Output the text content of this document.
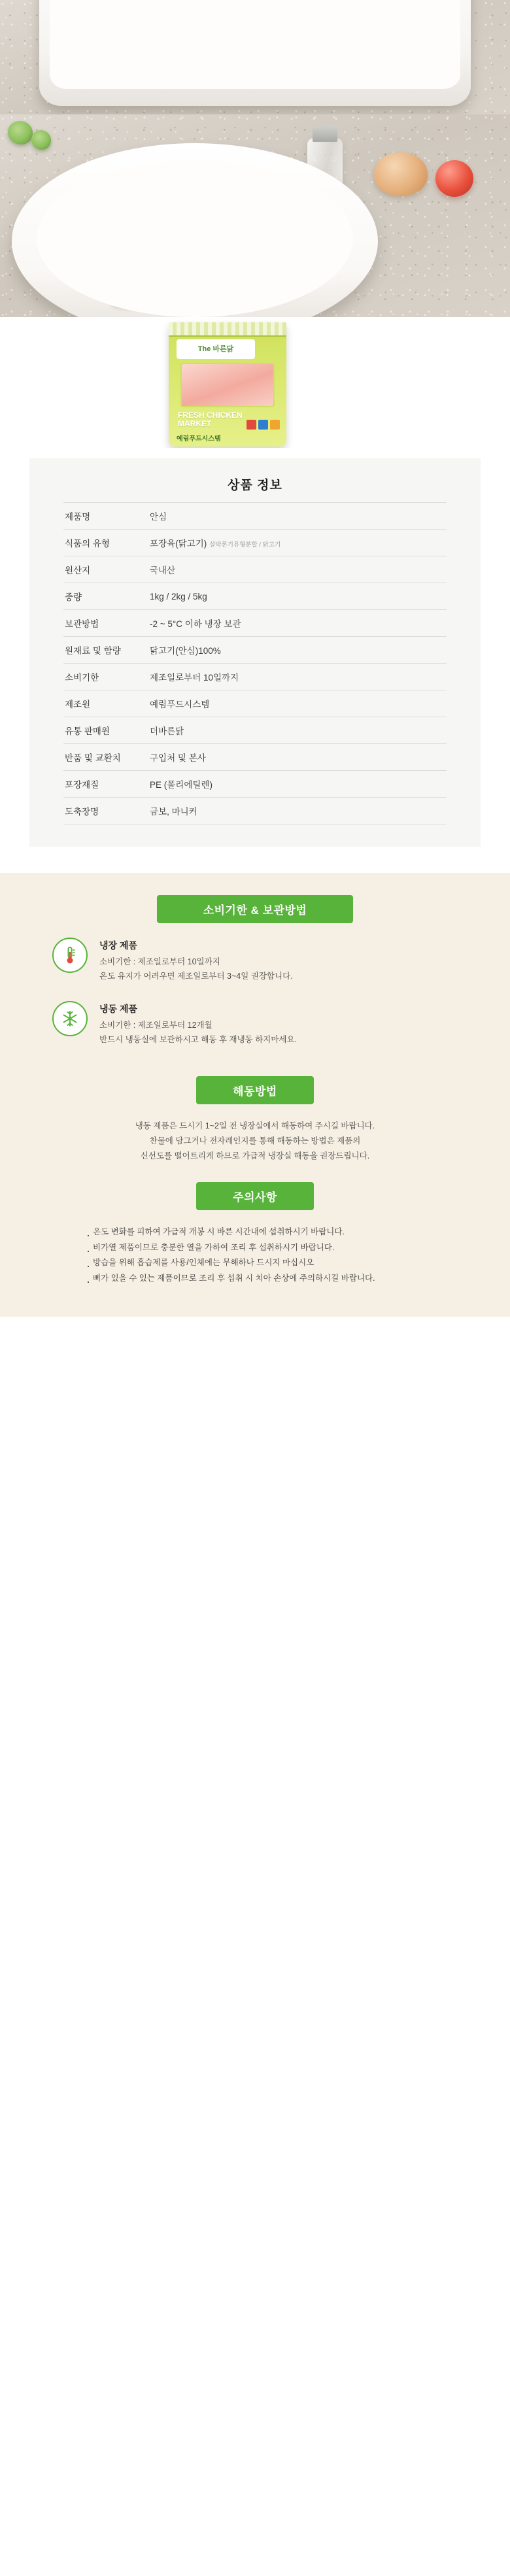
The 바른닭
FRESH CHICKEN MARKET
예림푸드시스템
상품 정보
제품명	안심
식품의 유형	포장육(닭고기) 살박론기유형분할 / 닭고기
원산지	국내산
중량	1kg / 2kg / 5kg
보관방법	-2 ~ 5°C 이하 냉장 보관
원재료 및 함량	닭고기(안심)100%
소비기한	제조일로부터 10일까지
제조원	예림푸드시스템
유통 판매원	더바른닭
반품 및 교환치	구입처 및 본사
포장재질	PE (폴리에틸렌)
도축장명	금보, 마니커
소비기한 & 보관방법
냉장 제품

소비기한 : 제조일로부터 10일까지

온도 유지가 어려우면 제조일로부터 3~4일 권장합니다.

냉동 제품

소비기한 : 제조일로부터 12개월

반드시 냉동실에 보관하시고 해동 후 재냉동 하지마세요.

해동방법
냉동 제품은 드시기 1~2일 전 냉장실에서 해동하여 주시길 바랍니다.
찬물에 담그거나 전자레인지를 통해 해동하는 방법은 제품의
신선도를 떨어트리게 하므로 가급적 냉장실 해동을 권장드립니다.
주의사항
· 온도 변화를 피하여 가급적 개봉 시 바른 시간내에 섭취하시기 바랍니다.
· 비가열 제품이므로 충분한 열을 가하여 조리 후 섭취하시기 바랍니다.
· 방습을 위해 흡습제를 사용/인체에는 무해하나 드시지 마십시오
· 뼈가 있을 수 있는 제품이므로 조리 후 섭취 시 치아 손상에 주의하시길 바랍니다.
